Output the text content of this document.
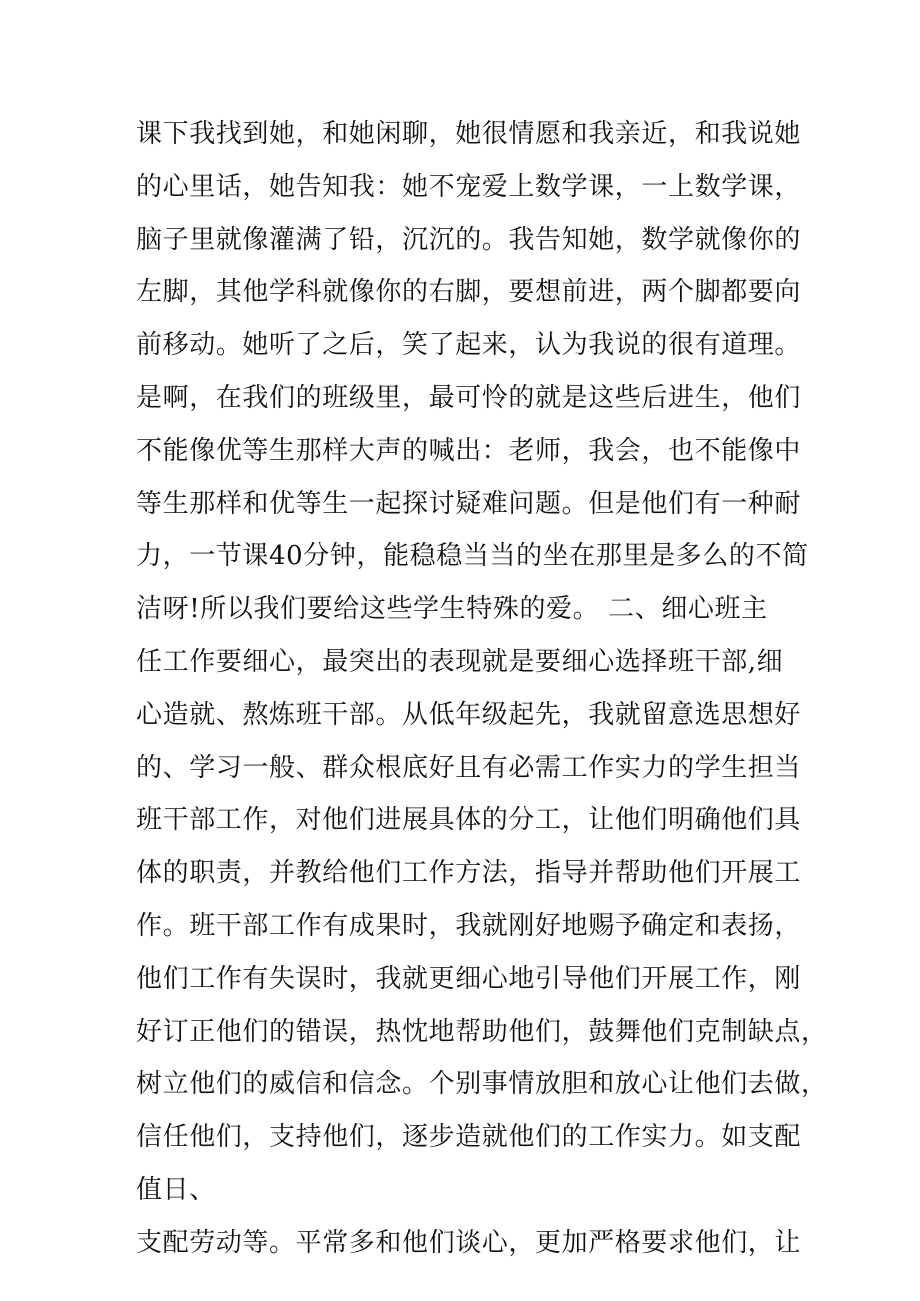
课下我找到她，和她闲聊，她很情愿和我亲近，和我说她
的心里话，她告知我：她不宠爱上数学课，一上数学课，
脑子里就像灌满了铅，沉沉的。我告知她，数学就像你的
左脚，其他学科就像你的右脚，要想前进，两个脚都要向
前移动。她听了之后，笑了起来，认为我说的很有道理。
是啊，在我们的班级里，最可怜的就是这些后进生，他们
不能像优等生那样大声的喊出：老师，我会，也不能像中
等生那样和优等生一起探讨疑难问题。但是他们有一种耐
力，一节课40分钟，能稳稳当当的坐在那里是多么的不简
洁呀!所以我们要给这些学生特殊的爱。 二、细心班主
任工作要细心，最突出的表现就是要细心选择班干部,细
心造就、熬炼班干部。从低年级起先，我就留意选思想好
的、学习一般、群众根底好且有必需工作实力的学生担当
班干部工作，对他们进展具体的分工，让他们明确他们具
体的职责，并教给他们工作方法，指导并帮助他们开展工
作。班干部工作有成果时，我就刚好地赐予确定和表扬，
他们工作有失误时，我就更细心地引导他们开展工作，刚
好订正他们的错误，热忱地帮助他们，鼓舞他们克制缺点，
树立他们的威信和信念。个别事情放胆和放心让他们去做，
信任他们，支持他们，逐步造就他们的工作实力。如支配
值日、
支配劳动等。平常多和他们谈心，更加严格要求他们，让
